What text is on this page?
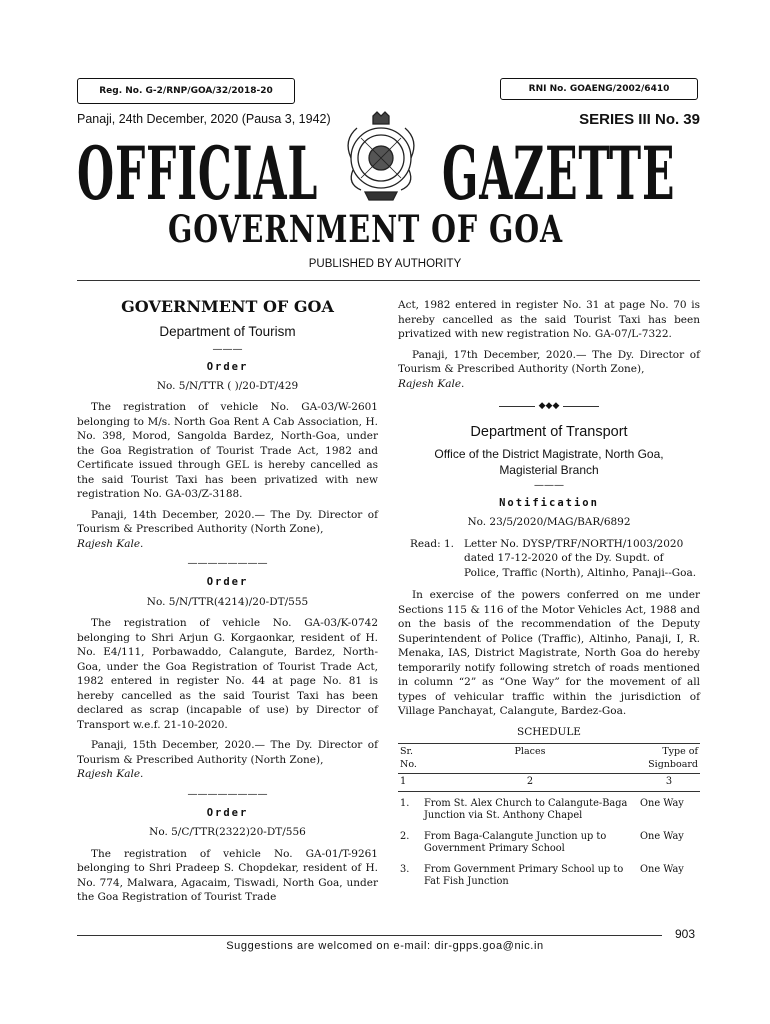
Reg. No. G-2/RNP/GOA/32/2018-20	RNI No. GOAENG/2002/6410
Panaji, 24th December, 2020 (Pausa 3, 1942)	SERIES III No. 39
OFFICIAL GAZETTE
GOVERNMENT OF GOA
PUBLISHED BY AUTHORITY
GOVERNMENT OF GOA
Department of Tourism
———
Order
No. 5/N/TTR ( )/20-DT/429

The registration of vehicle No. GA-03/W-2601 belonging to M/s. North Goa Rent A Cab Association, H. No. 398, Morod, Sangolda Bardez, North-Goa, under the Goa Registration of Tourist Trade Act, 1982 and Certificate issued through GEL is hereby cancelled as the said Tourist Taxi has been privatized with new registration No. GA-03/Z-3188.

Panaji, 14th December, 2020.— The Dy. Director of Tourism & Prescribed Authority (North Zone),

Rajesh Kale.
————————
Order
No. 5/N/TTR(4214)/20-DT/555

The registration of vehicle No. GA-03/K-0742 belonging to Shri Arjun G. Korgaonkar, resident of H. No. E4/111, Porbawaddo, Calangute, Bardez, North-Goa, under the Goa Registration of Tourist Trade Act, 1982 entered in register No. 44 at page No. 81 is hereby cancelled as the said Tourist Taxi has been declared as scrap (incapable of use) by Director of Transport w.e.f. 21-10-2020.

Panaji, 15th December, 2020.— The Dy. Director of Tourism & Prescribed Authority (North Zone),

Rajesh Kale.
————————
Order
No. 5/C/TTR(2322)20-DT/556

The registration of vehicle No. GA-01/T-9261 belonging to Shri Pradeep S. Chopdekar, resident of H. No. 774, Malwara, Agacaim, Tiswadi, North Goa, under the Goa Registration of Tourist Trade

Act, 1982 entered in register No. 31 at page No. 70 is hereby cancelled as the said Tourist Taxi has been privatized with new registration No. GA-07/L-7322.

Panaji, 17th December, 2020.— The Dy. Director of Tourism & Prescribed Authority (North Zone),

Rajesh Kale.
◆◆◆
Department of Transport
Office of the District Magistrate, North Goa,
Magisterial Branch
———
Notification
No. 23/5/2020/MAG/BAR/6892
Read: 1. Letter No. DYSP/TRF/NORTH/1003/2020 dated 17-12-2020 of the Dy. Supdt. of Police, Traffic (North), Altinho, Panaji--Goa.

In exercise of the powers conferred on me under Sections 115 & 116 of the Motor Vehicles Act, 1988 and on the basis of the recommendation of the Deputy Superintendent of Police (Traffic), Altinho, Panaji, I, R. Menaka, IAS, District Magistrate, North Goa do hereby temporarily notify following stretch of roads mentioned in column “2” as “One Way” for the movement of all types of vehicular traffic within the jurisdiction of Village Panchayat, Calangute, Bardez-Goa.

SCHEDULE
Sr. No.	Places	Type of Signboard
1	2	3
1.	From St. Alex Church to Calangute-Baga Junction via St. Anthony Chapel	One Way
2.	From Baga-Calangute Junction up to Government Primary School	One Way
3.	From Government Primary School up to Fat Fish Junction	One Way
903
Suggestions are welcomed on e-mail: dir-gpps.goa@nic.in
